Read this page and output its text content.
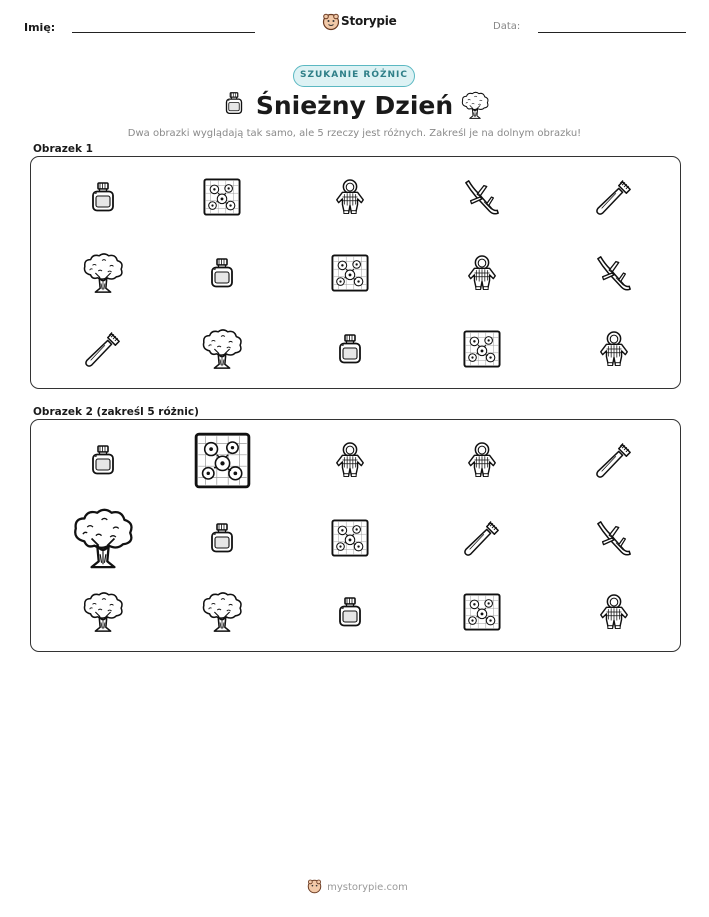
Imię:	Storypie	Data:
SZUKANIE RÓŻNIC
Śnieżny Dzień
Dwa obrazki wyglądają tak samo, ale 5 rzeczy jest różnych. Zakreśl je na dolnym obrazku!
Obrazek 1
Obrazek 2 (zakreśl 5 różnic)
mystorypie.com
